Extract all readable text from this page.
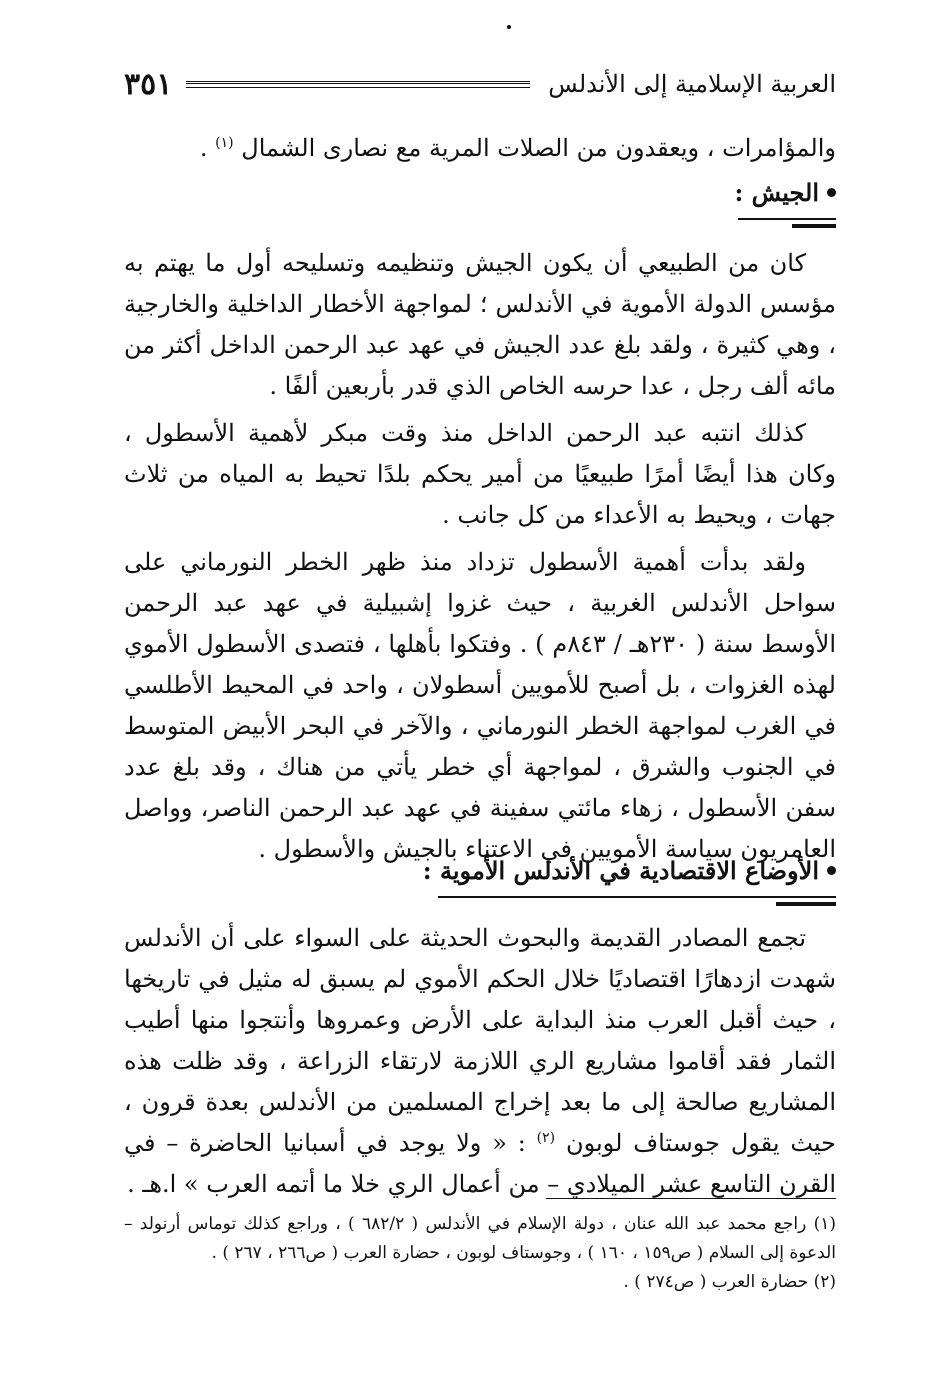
العربية الإسلامية إلى الأندلس
٣٥١

والمؤامرات ، ويعقدون من الصلات المرية مع نصارى الشمال $^{(١)}$ .

الجيش :

كان من الطبيعي أن يكون الجيش وتنظيمه وتسليحه أول ما يهتم به مؤسس الدولة الأموية في الأندلس ؛ لمواجهة الأخطار الداخلية والخارجية ، وهي كثيرة ، ولقد بلغ عدد الجيش في عهد عبد الرحمن الداخل أكثر من مائه ألف رجل ، عدا حرسه الخاص الذي قدر بأربعين ألفًا .

كذلك انتبه عبد الرحمن الداخل منذ وقت مبكر لأهمية الأسطول ، وكان هذا أيضًا أمرًا طبيعيًا من أمير يحكم بلدًا تحيط به المياه من ثلاث جهات ، ويحيط به الأعداء من كل جانب .

ولقد بدأت أهمية الأسطول تزداد منذ ظهر الخطر النورماني على سواحل الأندلس الغربية ، حيث غزوا إشبيلية في عهد عبد الرحمن الأوسط سنة ( ٢٣٠هـ / ٨٤٣م ) . وفتكوا بأهلها ، فتصدى الأسطول الأموي لهذه الغزوات ، بل أصبح للأمويين أسطولان ، واحد في المحيط الأطلسي في الغرب لمواجهة الخطر النورماني ، والآخر في البحر الأبيض المتوسط في الجنوب والشرق ، لمواجهة أي خطر يأتي من هناك ، وقد بلغ عدد سفن الأسطول ، زهاء مائتي سفينة في عهد عبد الرحمن الناصر، وواصل العامريون سياسة الأمويين في الاعتناء بالجيش والأسطول .

الأوضاع الاقتصادية في الأندلس الأموية :

تجمع المصادر القديمة والبحوث الحديثة على السواء على أن الأندلس شهدت ازدهارًا اقتصاديًا خلال الحكم الأموي لم يسبق له مثيل في تاريخها ، حيث أقبل العرب منذ البداية على الأرض وعمروها وأنتجوا منها أطيب الثمار فقد أقاموا مشاريع الري اللازمة لارتقاء الزراعة ، وقد ظلت هذه المشاريع صالحة إلى ما بعد إخراج المسلمين من الأندلس بعدة قرون ، حيث يقول جوستاف لوبون $^{(٢)}$ : « ولا يوجد في أسبانيا الحاضرة – في القرن التاسع عشر الميلادي – من أعمال الري خلا ما أتمه العرب » ا.هـ .

(١) راجع محمد عبد الله عنان ، دولة الإسلام في الأندلس ( ٦٨٢/٢ ) ، وراجع كذلك توماس أرنولد – الدعوة إلى السلام ( ص١٥٩ ، ١٦٠ ) ، وجوستاف لوبون ، حضارة العرب ( ص٢٦٦ ، ٢٦٧ ) .

(٢) حضارة العرب ( ص٢٧٤ ) .
